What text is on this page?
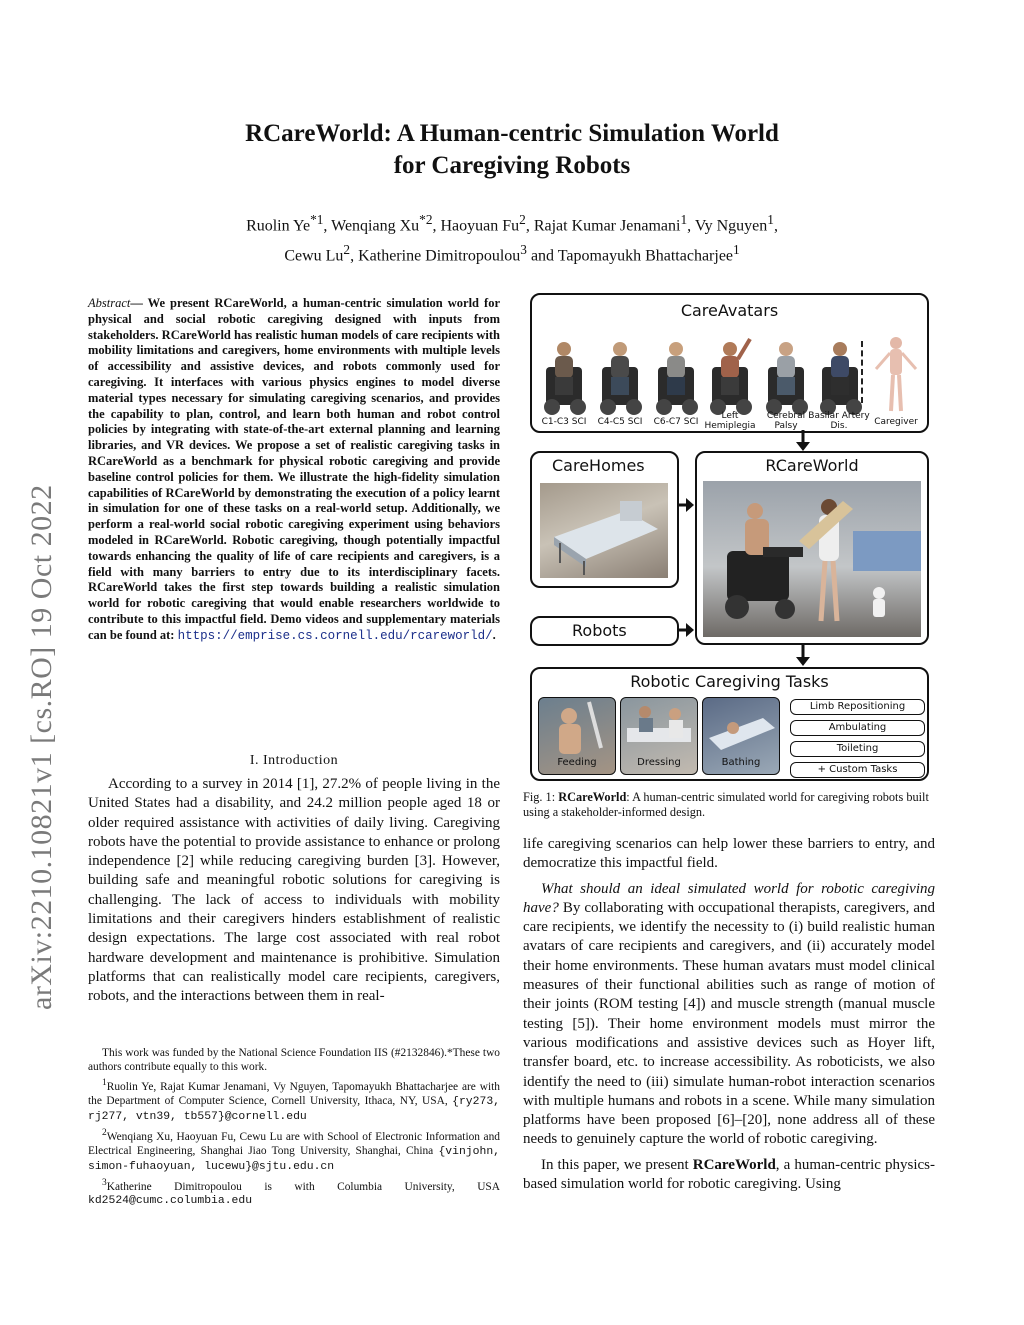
arXiv:2210.10821v1 [cs.RO] 19 Oct 2022
RCareWorld: A Human-centric Simulation World
for Caregiving Robots
Ruolin Ye$^{*1}$, Wenqiang Xu$^{*2}$, Haoyuan Fu$^2$, Rajat Kumar Jenamani$^1$, Vy Nguyen$^1$,
Cewu Lu$^2$, Katherine Dimitropoulou$^3$ and Tapomayukh Bhattacharjee$^1$
Abstract— We present RCareWorld, a human-centric simulation world for physical and social robotic caregiving designed with inputs from stakeholders. RCareWorld has realistic human models of care recipients with mobility limitations and caregivers, home environments with multiple levels of accessibility and assistive devices, and robots commonly used for caregiving. It interfaces with various physics engines to model diverse material types necessary for simulating caregiving scenarios, and provides the capability to plan, control, and learn both human and robot control policies by integrating with state-of-the-art external planning and learning libraries, and VR devices. We propose a set of realistic caregiving tasks in RCareWorld as a benchmark for physical robotic caregiving and provide baseline control policies for them. We illustrate the high-fidelity simulation capabilities of RCareWorld by demonstrating the execution of a policy learnt in simulation for one of these tasks on a real-world setup. Additionally, we perform a real-world social robotic caregiving experiment using behaviors modeled in RCareWorld. Robotic caregiving, though potentially impactful towards enhancing the quality of life of care recipients and caregivers, is a field with many barriers to entry due to its interdisciplinary facets. RCareWorld takes the first step towards building a realistic simulation world for robotic caregiving that would enable researchers worldwide to contribute to this impactful field. Demo videos and supplementary materials can be found at: https://emprise.cs.cornell.edu/rcareworld/.
I. Introduction
According to a survey in 2014 [1], 27.2% of people living in the United States had a disability, and 24.2 million people aged 18 or older required assistance with activities of daily living. Caregiving robots have the potential to provide assistance to enhance or prolong independence [2] while reducing caregiving burden [3]. However, building safe and meaningful robotic solutions for caregiving is challenging. The lack of access to individuals with mobility limitations and their caregivers hinders establishment of realistic design expectations. The large cost associated with real robot hardware development and maintenance is prohibitive. Simulation platforms that can realistically model care recipients, caregivers, robots, and the interactions between them in real-

This work was funded by the National Science Foundation IIS (#2132846).*These two authors contribute equally to this work.

$^1$Ruolin Ye, Rajat Kumar Jenamani, Vy Nguyen, Tapomayukh Bhattacharjee are with the Department of Computer Science, Cornell University, Ithaca, NY, USA, {ry273, rj277, vtn39, tb557}@cornell.edu

$^2$Wenqiang Xu, Haoyuan Fu, Cewu Lu are with School of Electronic Information and Electrical Engineering, Shanghai Jiao Tong University, Shanghai, China {vinjohn, simon-fuhaoyuan, lucewu}@sjtu.edu.cn

$^3$Katherine Dimitropoulou is with Columbia University, USA kd2524@cumc.columbia.edu

CareAvatars
C1-C3 SCI	C4-C5 SCI	C6-C7 SCI
Left Hemiplegia
Cerebral Palsy
Basilar Artery Dis.	Caregiver
CareHomes	RCareWorld
Robots
Robotic Caregiving Tasks
Feeding	Dressing	Bathing
Limb Repositioning
Ambulating
Toileting
+ Custom Tasks
Fig. 1: RCareWorld: A human-centric simulated world for caregiving robots built using a stakeholder-informed design.

life caregiving scenarios can help lower these barriers to entry, and democratize this impactful field.

What should an ideal simulated world for robotic caregiving have? By collaborating with occupational therapists, caregivers, and care recipients, we identify the necessity to (i) build realistic human avatars of care recipients and caregivers, and (ii) accurately model their home environments. These human avatars must model clinical measures of their functional abilities such as range of motion of their joints (ROM testing [4]) and muscle strength (manual muscle testing [5]). Their home environment models must mirror the various modifications and assistive devices such as Hoyer lift, transfer board, etc. to increase accessibility. As roboticists, we also identify the need to (iii) simulate human-robot interaction scenarios with multiple humans and robots in a scene. While many simulation platforms have been proposed [6]–[20], none address all of these needs to genuinely capture the world of robotic caregiving.

In this paper, we present RCareWorld, a human-centric physics-based simulation world for robotic caregiving. Using
